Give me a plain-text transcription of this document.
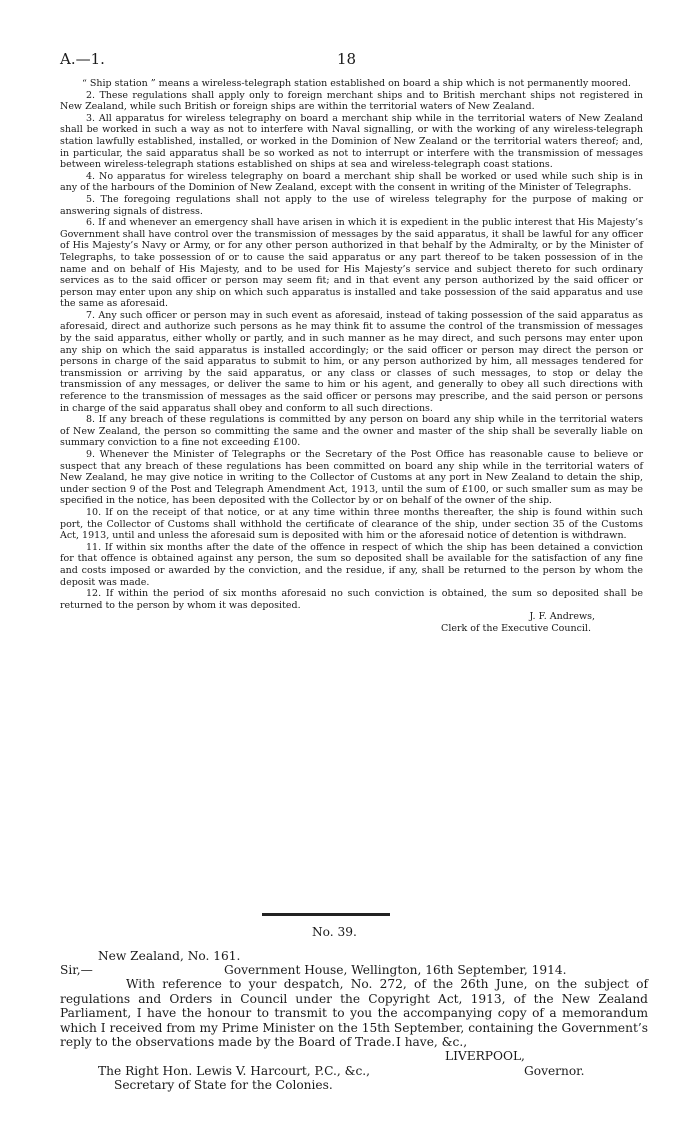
A.—1.	18

“ Ship station ” means a wireless-telegraph station established on board a ship which is not permanently moored.

2. These regulations shall apply only to foreign merchant ships and to British merchant ships not registered in New Zealand, while such British or foreign ships are within the territorial waters of New Zealand.

3. All apparatus for wireless telegraphy on board a merchant ship while in the territorial waters of New Zealand shall be worked in such a way as not to interfere with Naval signalling, or with the working of any wireless-telegraph station lawfully established, installed, or worked in the Dominion of New Zealand or the territorial waters thereof; and, in particular, the said apparatus shall be so worked as not to interrupt or interfere with the transmission of messages between wireless-telegraph stations established on ships at sea and wireless-telegraph coast stations.

4. No apparatus for wireless telegraphy on board a merchant ship shall be worked or used while such ship is in any of the harbours of the Dominion of New Zealand, except with the consent in writing of the Minister of Telegraphs.

5. The foregoing regulations shall not apply to the use of wireless telegraphy for the purpose of making or answering signals of distress.

6. If and whenever an emergency shall have arisen in which it is expedient in the public interest that His Majesty’s Government shall have control over the transmission of messages by the said apparatus, it shall be lawful for any officer of His Majesty’s Navy or Army, or for any other person authorized in that behalf by the Admiralty, or by the Minister of Telegraphs, to take possession of or to cause the said apparatus or any part thereof to be taken possession of in the name and on behalf of His Majesty, and to be used for His Majesty’s service and subject thereto for such ordinary services as to the said officer or person may seem fit; and in that event any person authorized by the said officer or person may enter upon any ship on which such apparatus is installed and take possession of the said apparatus and use the same as aforesaid.

7. Any such officer or person may in such event as aforesaid, instead of taking possession of the said apparatus as aforesaid, direct and authorize such persons as he may think fit to assume the control of the transmission of messages by the said apparatus, either wholly or partly, and in such manner as he may direct, and such persons may enter upon any ship on which the said apparatus is installed accordingly; or the said officer or person may direct the person or persons in charge of the said apparatus to submit to him, or any person authorized by him, all messages tendered for transmission or arriving by the said apparatus, or any class or classes of such messages, to stop or delay the transmission of any messages, or deliver the same to him or his agent, and generally to obey all such directions with reference to the transmission of messages as the said officer or persons may prescribe, and the said person or persons in charge of the said apparatus shall obey and conform to all such directions.

8. If any breach of these regulations is committed by any person on board any ship while in the territorial waters of New Zealand, the person so committing the same and the owner and master of the ship shall be severally liable on summary conviction to a fine not exceeding £100.

9. Whenever the Minister of Telegraphs or the Secretary of the Post Office has reasonable cause to believe or suspect that any breach of these regulations has been committed on board any ship while in the territorial waters of New Zealand, he may give notice in writing to the Collector of Customs at any port in New Zealand to detain the ship, under section 9 of the Post and Telegraph Amendment Act, 1913, until the sum of £100, or such smaller sum as may be specified in the notice, has been deposited with the Collector by or on behalf of the owner of the ship.

10. If on the receipt of that notice, or at any time within three months thereafter, the ship is found within such port, the Collector of Customs shall withhold the certificate of clearance of the ship, under section 35 of the Customs Act, 1913, until and unless the aforesaid sum is deposited with him or the aforesaid notice of detention is withdrawn.

11. If within six months after the date of the offence in respect of which the ship has been detained a conviction for that offence is obtained against any person, the sum so deposited shall be available for the satisfaction of any fine and costs imposed or awarded by the conviction, and the residue, if any, shall be returned to the person by whom the deposit was made.

12. If within the period of six months aforesaid no such conviction is obtained, the sum so deposited shall be returned to the person by whom it was deposited.

J. F. Andrews,

Clerk of the Executive Council.

No. 39.
New Zealand, No. 161.
Sir,—	Government House, Wellington, 16th September, 1914.

With reference to your despatch, No. 272, of the 26th June, on the subject of regulations and Orders in Council under the Copyright Act, 1913, of the New Zealand Parliament, I have the honour to transmit to you the accompanying copy of a memorandum which I received from my Prime Minister on the 15th September, containing the Government’s reply to the observations made by the Board of Trade. I have, &c.,
LIVERPOOL,
The Right Hon. Lewis V. Harcourt, P.C., &c.,	Governor.
Secretary of State for the Colonies.
